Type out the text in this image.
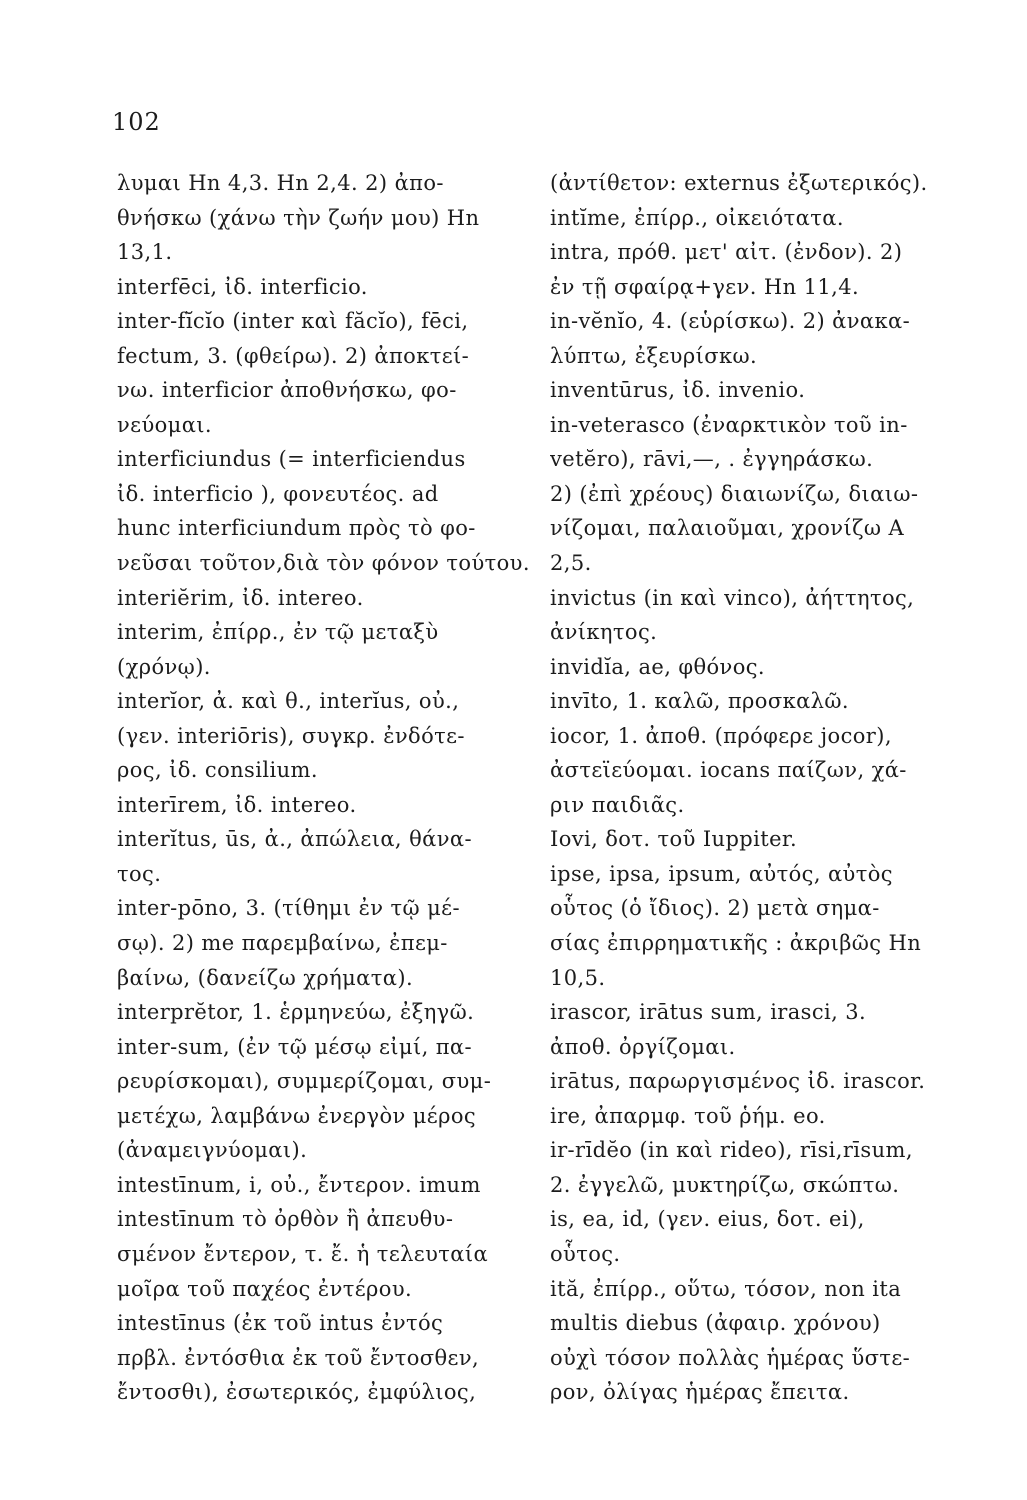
102
λυμαι Hn 4,3. Hn 2,4. 2) ἀπο-
θνήσκω (χάνω τὴν ζωήν μου) Hn
13,1.
interfēci, ἰδ. interficio.
inter-fĭcĭo (inter καὶ făcĭo), fēci,
fectum, 3. (φθείρω). 2) ἀποκτεί-
νω. interficior ἀποθνήσκω, φο-
νεύομαι.
interficiundus (= interficiendus
ἰδ. interficio ), φονευτέος. ad
hunc interficiundum πρὸς τὸ φο-
νεῦσαι τοῦτον,διὰ τὸν φόνον τούτου.
interiĕrim, ἰδ. intereo.
interim, ἐπίρρ., ἐν τῷ μεταξὺ
(χρόνῳ).
interĭor, ἀ. καὶ θ., interĭus, οὐ.,
(γεν. interiōris), συγκρ. ἐνδότε-
ρος, ἰδ. consilium.
interīrem, ἰδ. intereo.
interĭtus, ūs, ἀ., ἀπώλεια, θάνα-
τος.
inter-pōno, 3. (τίθημι ἐν τῷ μέ-
σῳ). 2) me παρεμβαίνω, ἐπεμ-
βαίνω, (δανείζω χρήματα).
interprĕtor, 1. ἑρμηνεύω, ἐξηγῶ.
inter-sum, (ἐν τῷ μέσῳ εἰμί, πα-
ρευρίσκομαι), συμμερίζομαι, συμ-
μετέχω, λαμβάνω ἐνεργὸν μέρος
(ἀναμειγνύομαι).
intestīnum, i, οὐ., ἔντερον. imum
intestīnum τὸ ὀρθὸν ἢ ἀπευθυ-
σμένον ἔντερον, τ. ἔ. ἡ τελευταία
μοῖρα τοῦ παχέος ἐντέρου.
intestīnus (ἐκ τοῦ intus ἐντός
πρβλ. ἐντόσθια ἐκ τοῦ ἔντοσθεν,
ἔντοσθι), ἐσωτερικός, ἐμφύλιος,
(ἀντίθετον: externus ἐξωτερικός).
intĭme, ἐπίρρ., οἰκειότατα.
intra, πρόθ. μετ' αἰτ. (ἐνδον). 2)
ἐν τῇ σφαίρᾳ+γεν. Hn 11,4.
in-vĕnĭo, 4. (εὑρίσκω). 2) ἀνακα-
λύπτω, ἐξευρίσκω.
inventūrus, ἰδ. invenio.
in-veterasco (ἐναρκτικὸν τοῦ in-
vetĕro), rāvi,—, . ἐγγηράσκω.
2) (ἐπὶ χρέους) διαιωνίζω, διαιω-
νίζομαι, παλαιοῦμαι, χρονίζω A
2,5.
invictus (in καὶ vinco), ἀήττητος,
ἀνίκητος.
invidĭa, ae, φθόνος.
invīto, 1. καλῶ, προσκαλῶ.
iocor, 1. ἀποθ. (πρόφερε jocor),
ἀστεϊεύομαι. iocans παίζων, χά-
ριν παιδιᾶς.
Iovi, δοτ. τοῦ Iuppiter.
ipse, ipsa, ipsum, αὐτός, αὐτὸς
οὗτος (ὁ ἴδιος). 2) μετὰ σημα-
σίας ἐπιρρηματικῆς : ἀκριβῶς Hn
10,5.
irascor, irātus sum, irasci, 3.
ἀποθ. ὀργίζομαι.
irātus, παρωργισμένος ἰδ. irascor.
ire, ἀπαρμφ. τοῦ ῥήμ. eo.
ir-rīdĕo (in καὶ rideo), rīsi,rīsum,
2. ἐγγελῶ, μυκτηρίζω, σκώπτω.
is, ea, id, (γεν. eius, δοτ. ei),
οὗτος.
ită, ἐπίρρ., οὕτω, τόσον, non ita
multis diebus (ἀφαιρ. χρόνου)
οὐχὶ τόσον πολλὰς ἡμέρας ὕστε-
ρον, ὀλίγας ἡμέρας ἔπειτα.
